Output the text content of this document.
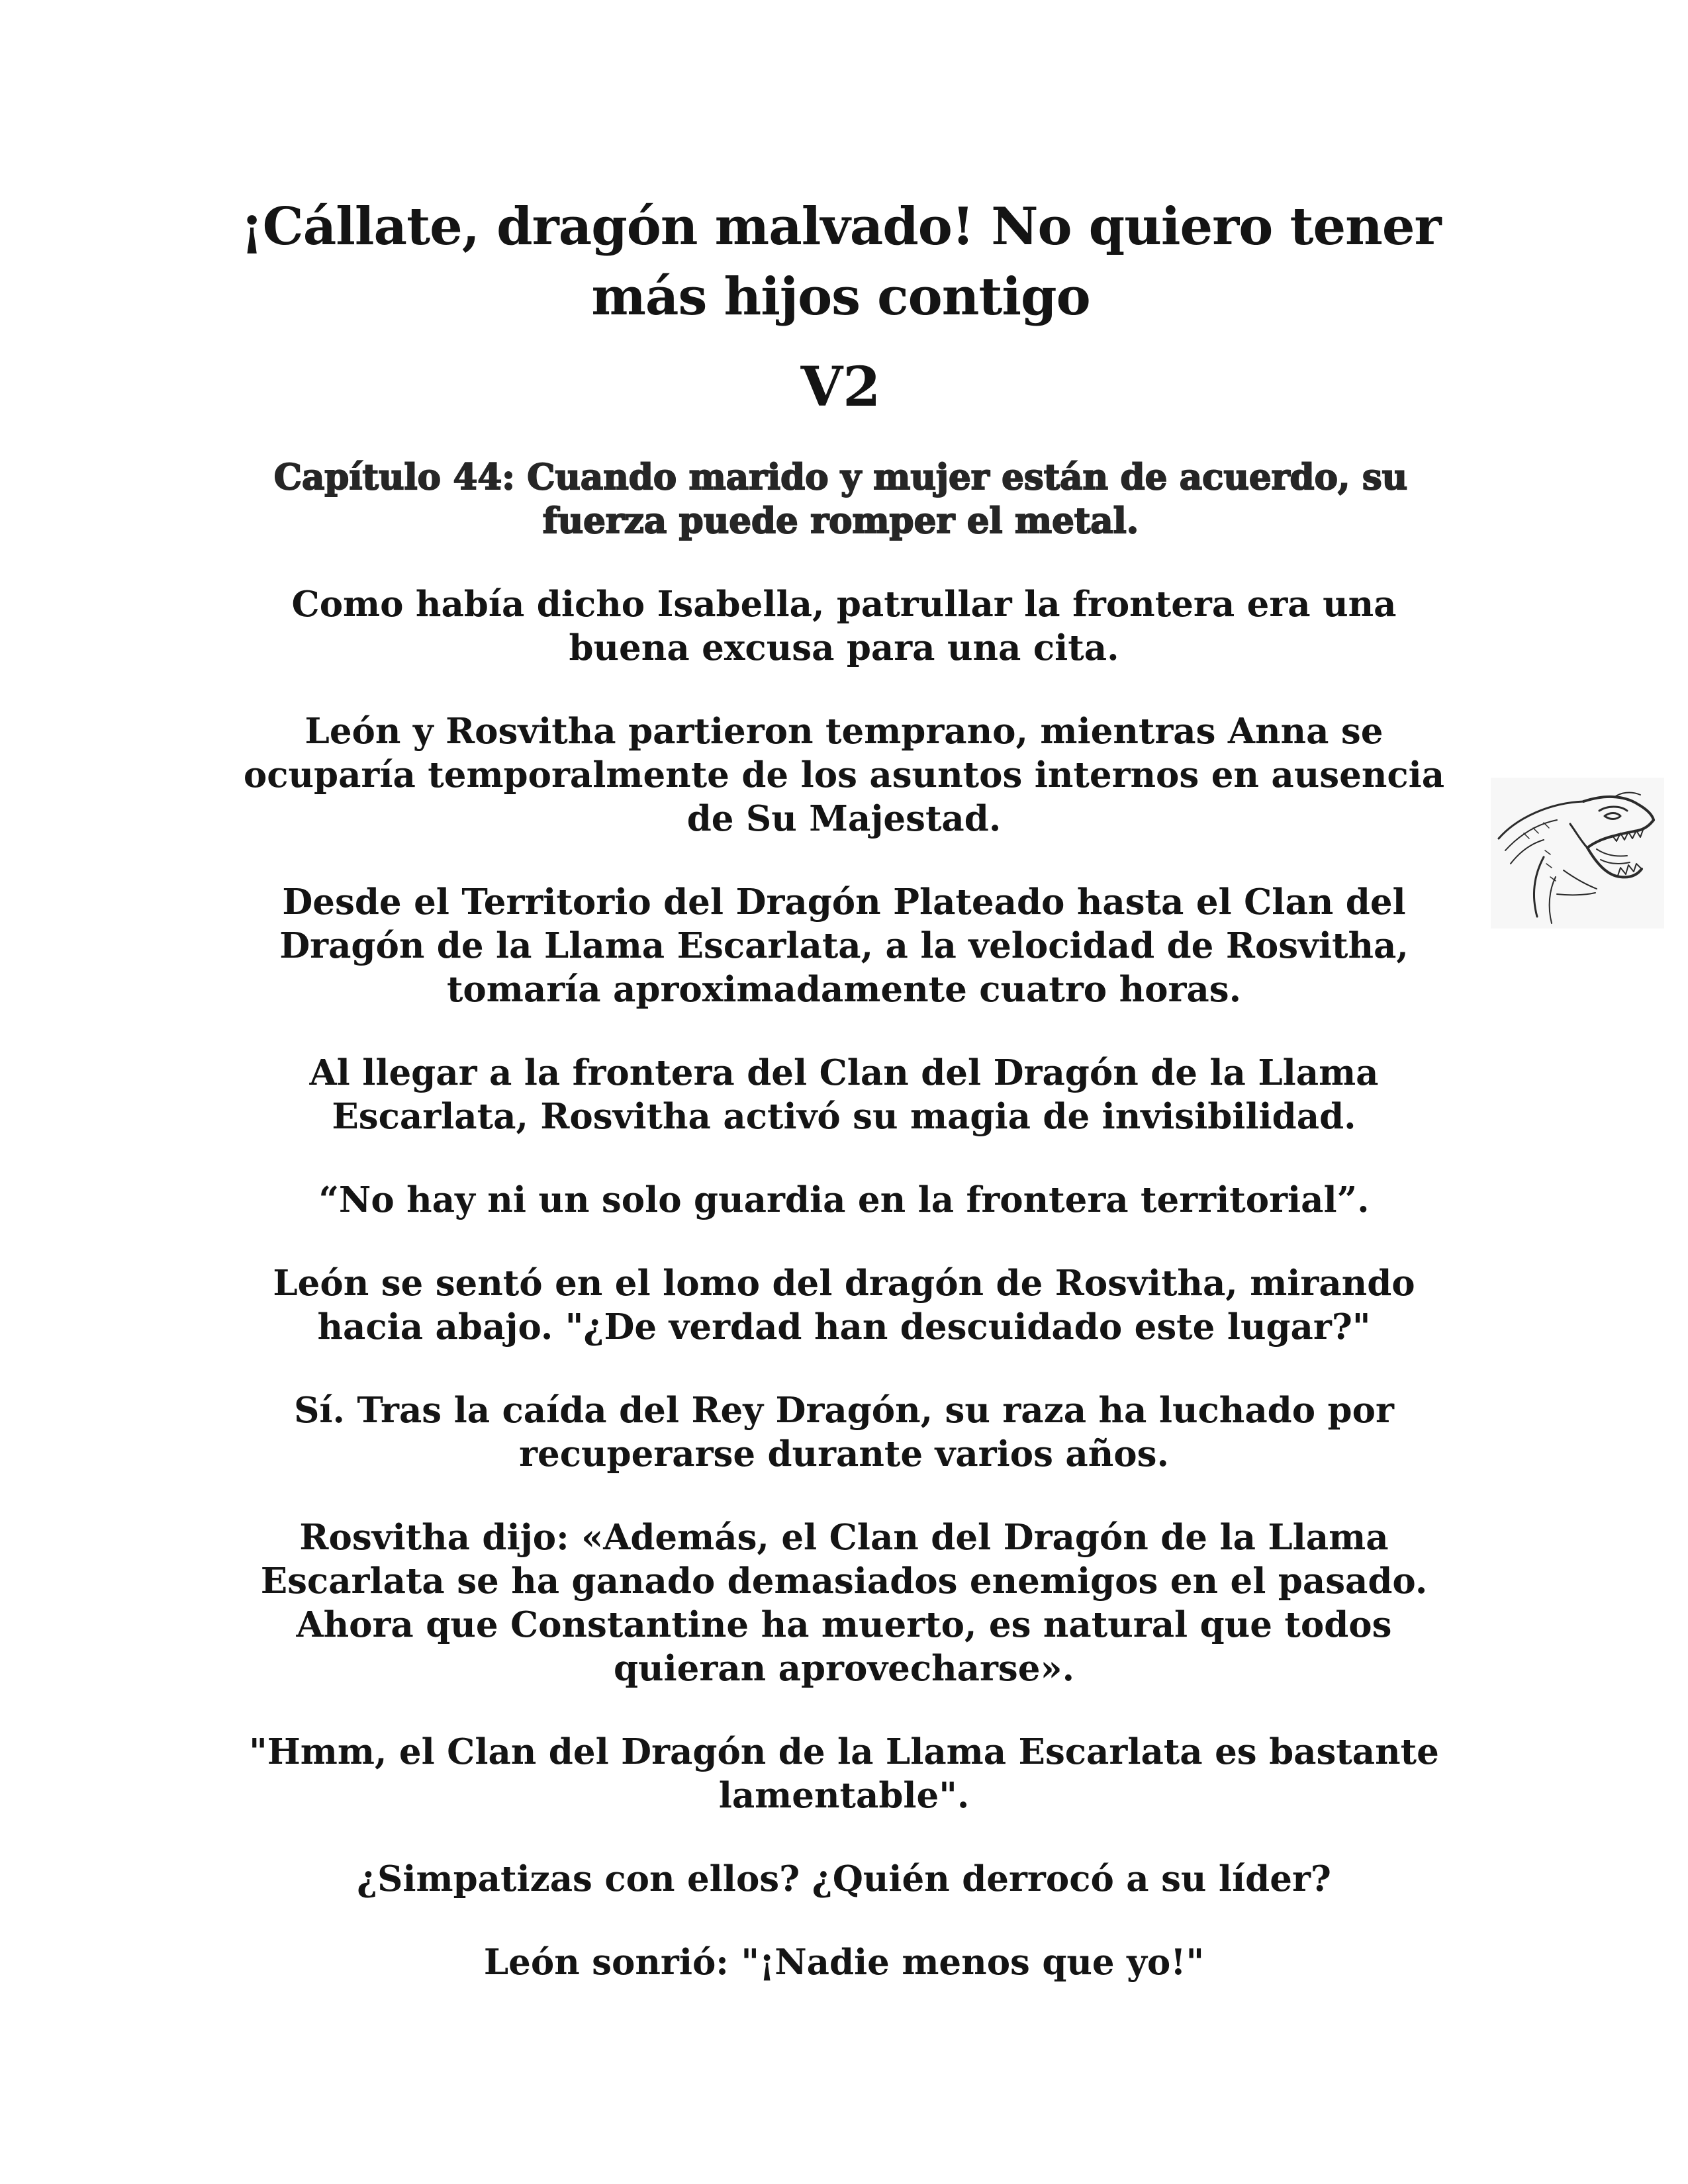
¡Cállate, dragón malvado! No quiero tener más hijos contigo
V2
Capítulo 44: Cuando marido y mujer están de acuerdo, su fuerza puede romper el metal.

Como había dicho Isabella, patrullar la frontera era una buena excusa para una cita.

León y Rosvitha partieron temprano, mientras Anna se ocuparía temporalmente de los asuntos internos en ausencia de Su Majestad.

Desde el Territorio del Dragón Plateado hasta el Clan del Dragón de la Llama Escarlata, a la velocidad de Rosvitha, tomaría aproximadamente cuatro horas.

Al llegar a la frontera del Clan del Dragón de la Llama Escarlata, Rosvitha activó su magia de invisibilidad.

“No hay ni un solo guardia en la frontera territorial”.

León se sentó en el lomo del dragón de Rosvitha, mirando hacia abajo. "¿De verdad han descuidado este lugar?"

Sí. Tras la caída del Rey Dragón, su raza ha luchado por recuperarse durante varios años.

Rosvitha dijo: «Además, el Clan del Dragón de la Llama Escarlata se ha ganado demasiados enemigos en el pasado. Ahora que Constantine ha muerto, es natural que todos quieran aprovecharse».

"Hmm, el Clan del Dragón de la Llama Escarlata es bastante lamentable".

¿Simpatizas con ellos? ¿Quién derrocó a su líder?

León sonrió: "¡Nadie menos que yo!"
